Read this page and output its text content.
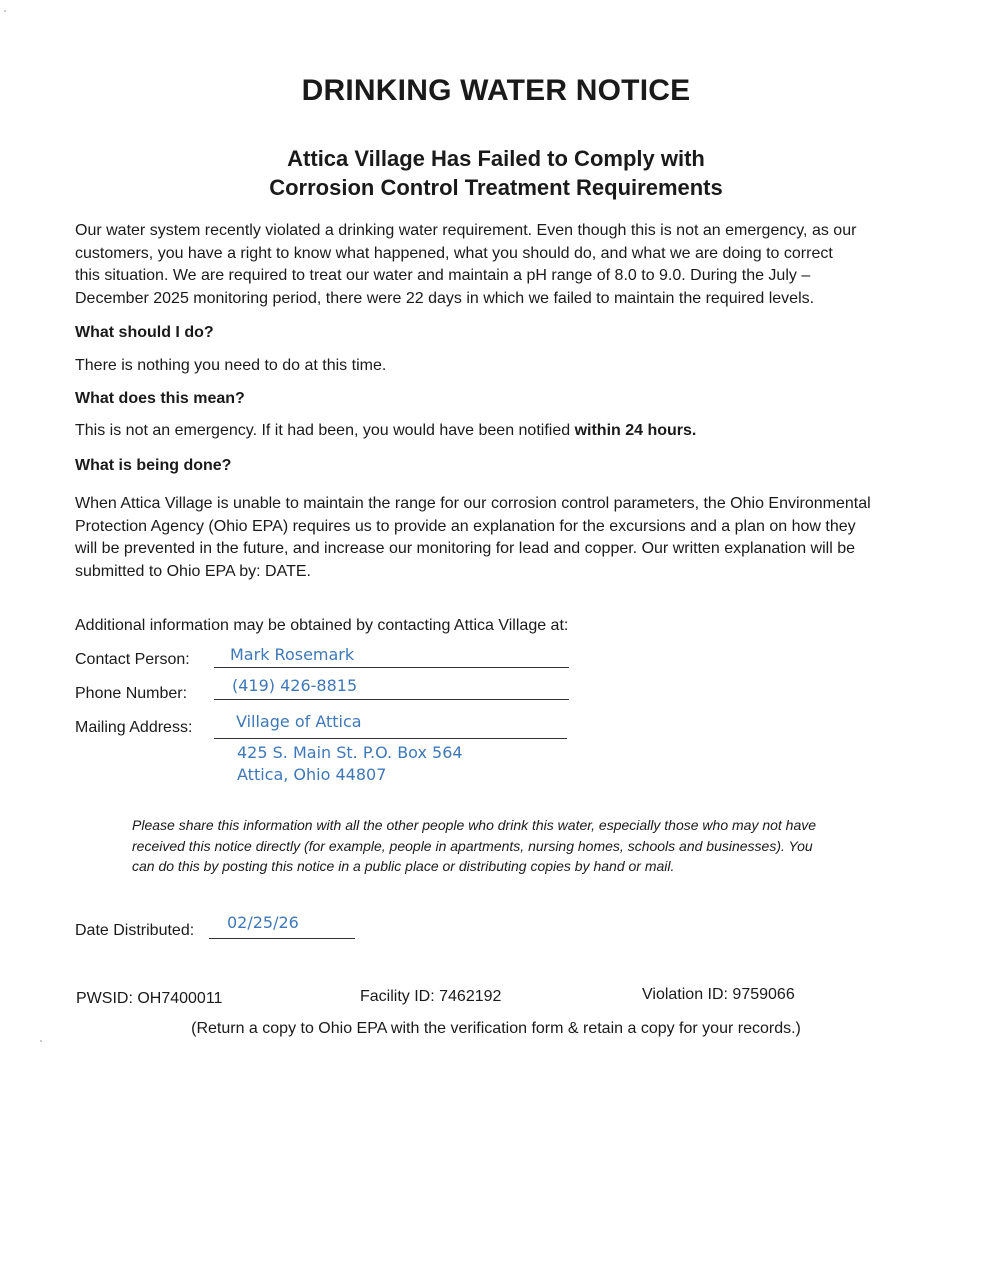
DRINKING WATER NOTICE
Attica Village Has Failed to Comply with
Corrosion Control Treatment Requirements
Our water system recently violated a drinking water requirement. Even though this is not an emergency, as our
customers, you have a right to know what happened, what you should do, and what we are doing to correct
this situation. We are required to treat our water and maintain a pH range of 8.0 to 9.0. During the July –
December 2025 monitoring period, there were 22 days in which we failed to maintain the required levels.
What should I do?
There is nothing you need to do at this time.
What does this mean?
This is not an emergency. If it had been, you would have been notified within 24 hours.
What is being done?
When Attica Village is unable to maintain the range for our corrosion control parameters, the Ohio Environmental
Protection Agency (Ohio EPA) requires us to provide an explanation for the excursions and a plan on how they
will be prevented in the future, and increase our monitoring for lead and copper. Our written explanation will be
submitted to Ohio EPA by: DATE.
Additional information may be obtained by contacting Attica Village at:
Contact Person:	Mark Rosemark
Phone Number:	(419) 426-8815
Mailing Address:	Village of Attica
425 S. Main St. P.O. Box 564
Attica, Ohio 44807
Please share this information with all the other people who drink this water, especially those who may not have
received this notice directly (for example, people in apartments, nursing homes, schools and businesses). You
can do this by posting this notice in a public place or distributing copies by hand or mail.
Date Distributed: 02/25/26
PWSID: OH7400011	Facility ID: 7462192	Violation ID: 9759066
(Return a copy to Ohio EPA with the verification form & retain a copy for your records.)
